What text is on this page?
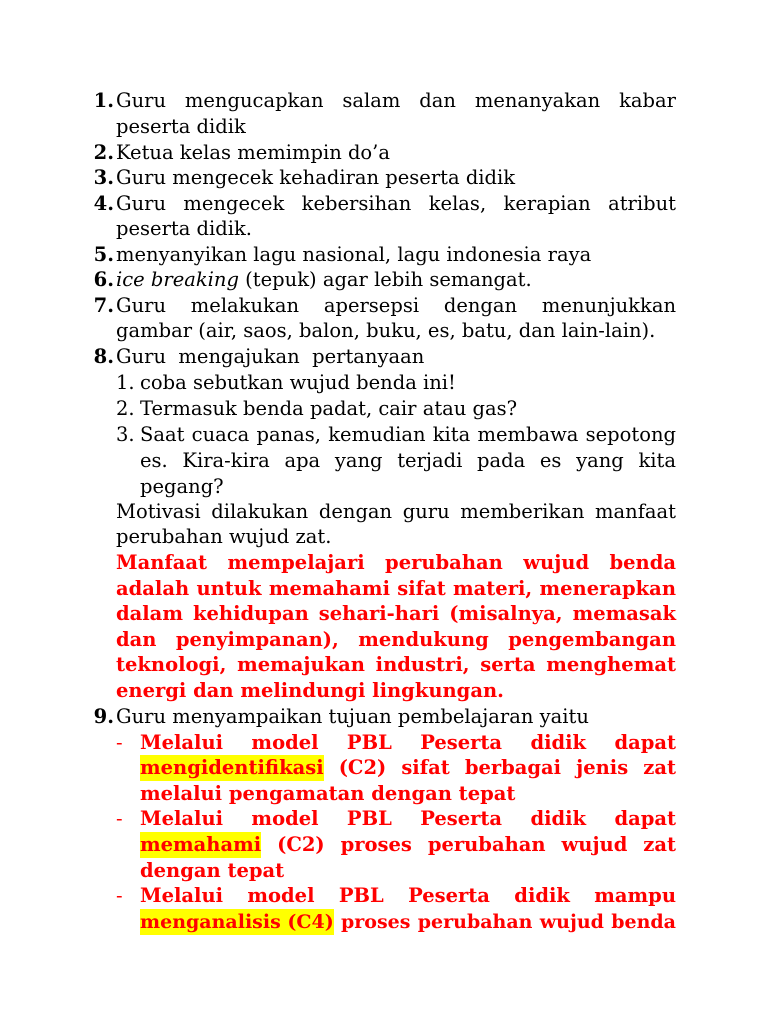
1. Guru mengucapkan salam dan menanyakan kabar
peserta didik
2. Ketua kelas memimpin do’a
3. Guru mengecek kehadiran peserta didik
4. Guru mengecek kebersihan kelas, kerapian atribut
peserta didik.
5. menyanyikan lagu nasional, lagu indonesia raya
6. ice breaking (tepuk) agar lebih semangat.
7. Guru melakukan apersepsi dengan menunjukkan
gambar (air, saos, balon, buku, es, batu, dan lain-lain).
8. Guru  mengajukan  pertanyaan
1. coba sebutkan wujud benda ini!
2. Termasuk benda padat, cair atau gas?
3. Saat cuaca panas, kemudian kita membawa sepotong
es. Kira-kira apa yang terjadi pada es yang kita
pegang?
Motivasi dilakukan dengan guru memberikan manfaat
perubahan wujud zat.
Manfaat mempelajari perubahan wujud benda
adalah untuk memahami sifat materi, menerapkan
dalam kehidupan sehari-hari (misalnya, memasak
dan penyimpanan), mendukung pengembangan
teknologi, memajukan industri, serta menghemat
energi dan melindungi lingkungan.
9. Guru menyampaikan tujuan pembelajaran yaitu
- Melalui model PBL Peserta didik dapat
mengidentifikasi (C2) sifat berbagai jenis zat
melalui pengamatan dengan tepat
- Melalui model PBL Peserta didik dapat
memahami (C2) proses perubahan wujud zat
dengan tepat
- Melalui model PBL Peserta didik mampu
menganalisis (C4) proses perubahan wujud benda
